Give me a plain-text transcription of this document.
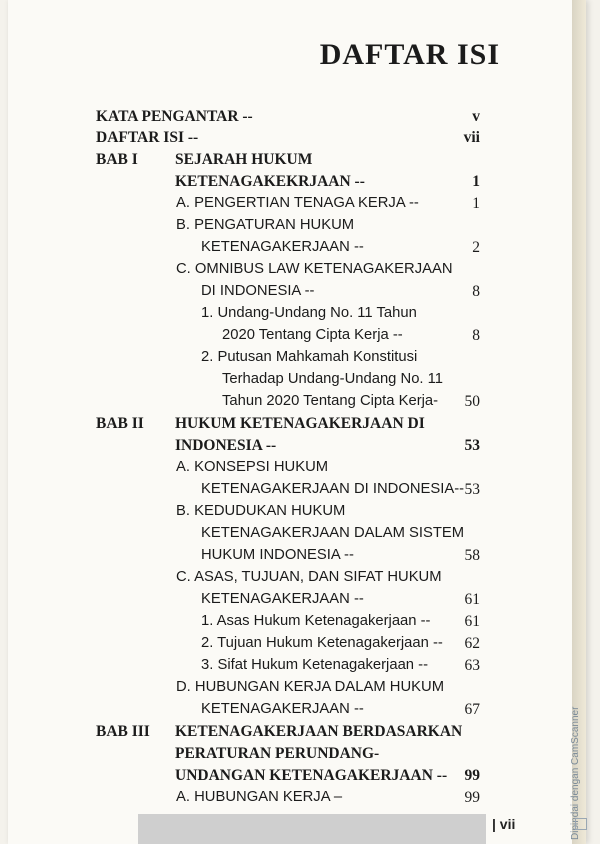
DAFTAR ISI
KATA PENGANTAR --	v
DAFTAR ISI --	vii
BAB I SEJARAH HUKUM
KETENAGAKEKRJAAN --	1
A. PENGERTIAN TENAGA KERJA --	1
B. PENGATURAN HUKUM
KETENAGAKERJAAN --	2
C. OMNIBUS LAW KETENAGAKERJAAN
DI INDONESIA --	8
1. Undang-Undang No. 11 Tahun
2020 Tentang Cipta Kerja --	8
2. Putusan Mahkamah Konstitusi
Terhadap Undang-Undang No. 11
Tahun 2020 Tentang Cipta Kerja-	50
BAB II HUKUM KETENAGAKERJAAN DI
INDONESIA --	53
A. KONSEPSI HUKUM
KETENAGAKERJAAN DI INDONESIA-- 53
B. KEDUDUKAN HUKUM
KETENAGAKERJAAN DALAM SISTEM
HUKUM INDONESIA --	58
C. ASAS, TUJUAN, DAN SIFAT HUKUM
KETENAGAKERJAAN --	61
1. Asas Hukum Ketenagakerjaan --	61
2. Tujuan Hukum Ketenagakerjaan --	62
3. Sifat Hukum Ketenagakerjaan --	63
D. HUBUNGAN KERJA DALAM HUKUM
KETENAGAKERJAAN --	67
BAB III KETENAGAKERJAAN BERDASARKAN
PERATURAN PERUNDANG-
UNDANGAN KETENAGAKERJAAN --	99
A. HUBUNGAN KERJA –	99
| vii	Dipindai dengan CamScanner
